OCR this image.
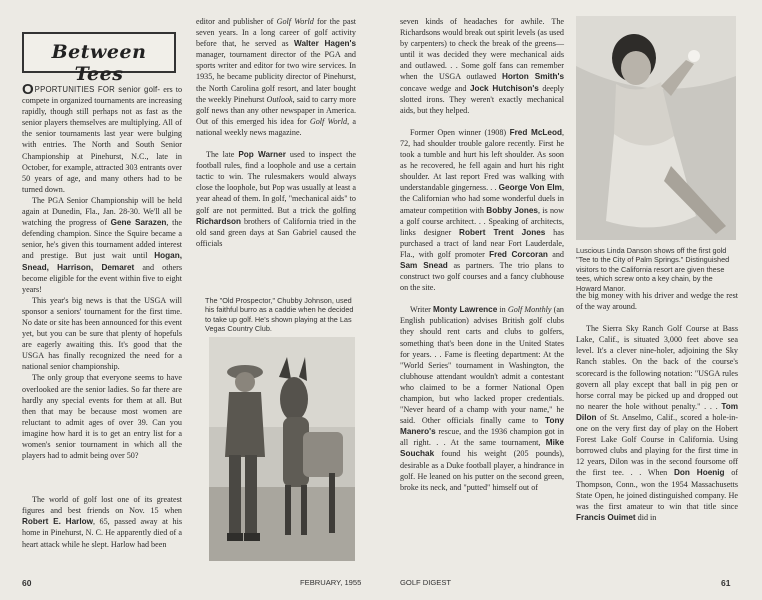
Between Tees

OPPORTUNITIES FOR senior golf- ers to compete in organized tournaments are increasing rapidly, though still perhaps not as fast as the senior players themselves are multiplying. All of the senior tournaments last year were bulging with entries. The North and South Senior Championship at Pinehurst, N.C., late in October, for example, attracted 303 entrants over 50 years of age, and many others had to be turned down.

The PGA Senior Championship will be held again at Dunedin, Fla., Jan. 28-30. We'll all be watching the progress of Gene Sarazen, the defending champion. Since the Squire became a senior, he's given this tournament added interest and prestige. But just wait until Hogan, Snead, Harrison, Demaret and others become eligible for the event within five to eight years!

This year's big news is that the USGA will sponsor a seniors' tournament for the first time. No date or site has been announced for this event yet, but you can be sure that plenty of hopefuls are eagerly awaiting this. It's good that the USGA has finally recognized the need for a national senior championship.

The only group that everyone seems to have overlooked are the senior ladies. So far there are hardly any special events for them at all. But then that may be because most women are reluctant to admit ages of over 39. Can you imagine how hard it is to get an entry list for a women's senior tournament in which all the players had to admit being over 50?

The world of golf lost one of its greatest figures and best friends on Nov. 15 when Robert E. Harlow, 65, passed away at his home in Pinehurst, N. C. He apparently died of a heart attack while he slept. Harlow had been

editor and publisher of Golf World for the past seven years. In a long career of golf activity before that, he served as Walter Hagen's manager, tournament director of the PGA and sports writer and editor for two wire services. In 1935, he became publicity director of Pinehurst, the North Carolina golf resort, and later bought the weekly Pinehurst Outlook, said to carry more golf news than any other newspaper in America. Out of this emerged his idea for Golf World, a national weekly news magazine.

The late Pop Warner used to inspect the football rules, find a loophole and use a certain tactic to win. The rulesmakers would always close the loophole, but Pop was usually at least a year ahead of them. In golf, "mechanical aids" to golf are not permitted. But a trick the golfing Richardson brothers of California tried in the old sand green days at San Gabriel caused the officials

The "Old Prospector," Chubby Johnson, used his faithful burro as a caddie when he decided to take up golf. He's shown playing at the Las Vegas Country Club.
60	FEBRUARY, 1955

seven kinds of headaches for awhile. The Richardsons would break out spirit levels (as used by carpenters) to check the break of the greens—until it was decided they were mechanical aids and outlawed. . . Some golf fans can remember when the USGA outlawed Horton Smith's concave wedge and Jock Hutchison's deeply slotted irons. They weren't exactly mechanical aids, but they helped.

Former Open winner (1908) Fred McLeod, 72, had shoulder trouble galore recently. First he took a tumble and hurt his left shoulder. As soon as he recovered, he fell again and hurt his right shoulder. At last report Fred was walking with understandable gingerness. . . George Von Elm, the Californian who had some wonderful duels in amateur competition with Bobby Jones, is now a golf course architect. . . Speaking of architects, links designer Robert Trent Jones has purchased a tract of land near Fort Lauderdale, Fla., with golf promoter Fred Corcoran and Sam Snead as partners. The trio plans to construct two golf courses and a fancy clubhouse on the site.

Writer Monty Lawrence in Golf Monthly (an English publication) advises British golf clubs they should rent carts and clubs to golfers, something that's been done in the United States for years. . . Fame is fleeting department: At the "World Series" tournament in Washington, the clubhouse attendant wouldn't admit a contestant who claimed to be a former National Open champion, but who lacked proper credentials. "Never heard of a champ with your name," he said. Other officials finally came to Tony Manero's rescue, and the 1936 champion got in all right. . . At the same tournament, Mike Souchak found his weight (205 pounds), desirable as a Duke football player, a hindrance in golf. He leaned on his putter on the second green, broke its neck, and "putted" himself out of

Luscious Linda Danson shows off the first gold "Tee to the City of Palm Springs." Distinguished visitors to the California resort are given these tees, which screw onto a key chain, by the Howard Manor.

the big money with his driver and wedge the rest of the way around.

The Sierra Sky Ranch Golf Course at Bass Lake, Calif., is situated 3,000 feet above sea level. It's a clever nine-holer, adjoining the Sky Ranch stables. On the back of the course's scorecard is the following notation: "USGA rules govern all play except that ball in pig pen or horse corral may be picked up and dropped out no nearer the hole without penalty." . . . Tom Dilon of St. Anselmo, Calif., scored a hole-in-one on the very first day of play on the Hobert Forest Lake Golf Course in California. Using borrowed clubs and playing for the first time in 12 years, Dilon was in the second foursome off the first tee. . . When Don Hoenig of Thompson, Conn., won the 1954 Massachusetts State Open, he joined distinguished company. He was the first amateur to win that title since Francis Ouimet did in

GOLF DIGEST	61
